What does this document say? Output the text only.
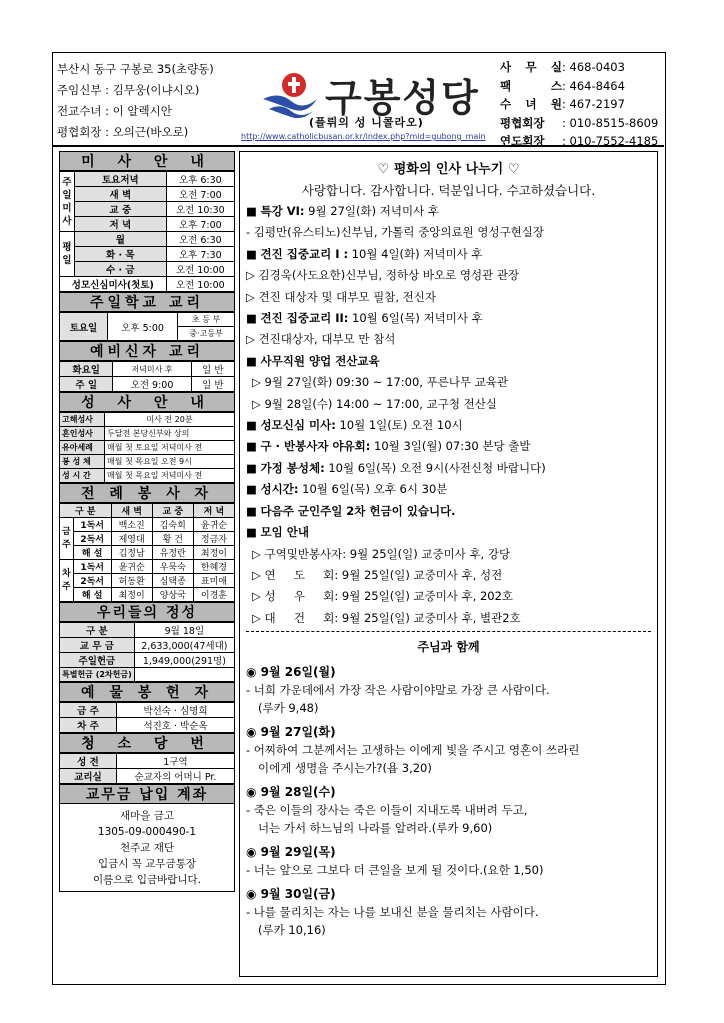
부산시 동구 구봉로 35(초량동)
주임신부 : 김무웅(이냐시오)
전교수녀 : 이 알렉시안
평협회장 : 오의근(바오로)
구봉성당
(플뤼의 성 니콜라오)
http://www.catholicbusan.or.kr/index.php?mid=gubong_main
사 무 실 : 468-0403
팩 스 : 464-8464
수 녀 원 : 467-2197
평협회장	: 010-8515-8609
연도회장	: 010-7552-4185
미 사 안 내
주일미사	토요저녁	오후 6:30
	새 벽	오전 7:00
	교 중	오전 10:30
	저 녁	오후 7:00
평일	월	오전 6:30
	화 · 목	오후 7:30
	수 · 금	오전 10:00
성모신심미사(첫토)		오전 10:00
주일학교 교리
토요일	오후 5:00	초 등 부
중·고등부
예비신자 교리
화요일	저녁미사 후	일 반
주 일	오전 9:00	일 반
성 사 안 내
고해성사	미사 전 20분
혼인성사	두달전 본당신부와 상의
유아세례	매월 첫 토요일 저녁미사 전
봉 성 체	매월 첫 목요일 오전 9시
성 시 간	매월 첫 목요일 저녁미사 전
전 례 봉 사 자
구 분		새 벽	교 중	저 녁
금주	1독서	백소진	김숙희	윤귀순
	2독서	제영대	황 건	정금자
	해 설	김정남	유정란	최정이
차주	1독서	윤귀순	우묵숙	한혜경
	2독서	허동환	심택종	표미애
	해 설	최정이	양상국	이경훈
우리들의 정성
구 분	9월 18일
교 무 금	2,633,000(47세대)
주일헌금	1,949,000(291명)
특별헌금 (2차헌금)	
예 물 봉 헌 자
금 주	박선숙 · 심명희
차 주	석진호 · 박순옥
청 소 당 번
성 전	1구역
교리실	순교자의 어머니 Pr.
교무금 납입 계좌
새마을 금고
1305-09-000490-1
천주교 재단
입금시 꼭 교무금통장
이름으로 입금바랍니다.
♡ 평화의 인사 나누기 ♡
사랑합니다. 감사합니다. 덕분입니다. 수고하셨습니다.
■ 특강 VI: 9월 27일(화) 저녁미사 후
- 김평만(유스티노)신부님, 가톨릭 중앙의료원 영성구현실장
■ 견진 집중교리 I : 10월 4일(화) 저녁미사 후
▷ 김경욱(사도요한)신부님, 정하상 바오로 영성관 관장
▷ 견진 대상자 및 대부모 필참, 전신자
■ 견진 집중교리 II: 10월 6일(목) 저녁미사 후
▷ 견진대상자, 대부모 만 참석
■ 사무직원 양업 전산교육
▷ 9월 27일(화) 09:30 ~ 17:00, 푸른나무 교육관
▷ 9월 28일(수) 14:00 ~ 17:00, 교구청 전산실
■ 성모신심 미사: 10월 1일(토) 오전 10시
■ 구 · 반봉사자 야유회: 10월 3일(월) 07:30 본당 출발
■ 가정 봉성체: 10월 6일(목) 오전 9시(사전신청 바랍니다)
■ 성시간: 10월 6일(목) 오후 6시 30분
■ 다음주 군인주일 2차 헌금이 있습니다.
■ 모임 안내
▷ 구역및반봉사자: 9월 25일(일) 교중미사 후, 강당
▷ 연     도     회: 9월 25일(일) 교중미사 후, 성전
▷ 성     우     회: 9월 25일(일) 교중미사 후, 202호
▷ 대     건     회: 9월 25일(일) 교중미사 후, 별관2호
주님과 함께
◉ 9월 26일(월)
- 너희 가운데에서 가장 작은 사람이야말로 가장 큰 사람이다.
(루카 9,48)
◉ 9월 27일(화)
- 어찌하여 그분께서는 고생하는 이에게 빛을 주시고 영혼이 쓰라린
이에게 생명을 주시는가?(욥 3,20)
◉ 9월 28일(수)
- 죽은 이들의 장사는 죽은 이들이 지내도록 내버려 두고,
너는 가서 하느님의 나라를 알려라.(루카 9,60)
◉ 9월 29일(목)
- 너는 앞으로 그보다 더 큰일을 보게 될 것이다.(요한 1,50)
◉ 9월 30일(금)
- 나를 물리치는 자는 나를 보내신 분을 물리치는 사람이다.
(루카 10,16)
